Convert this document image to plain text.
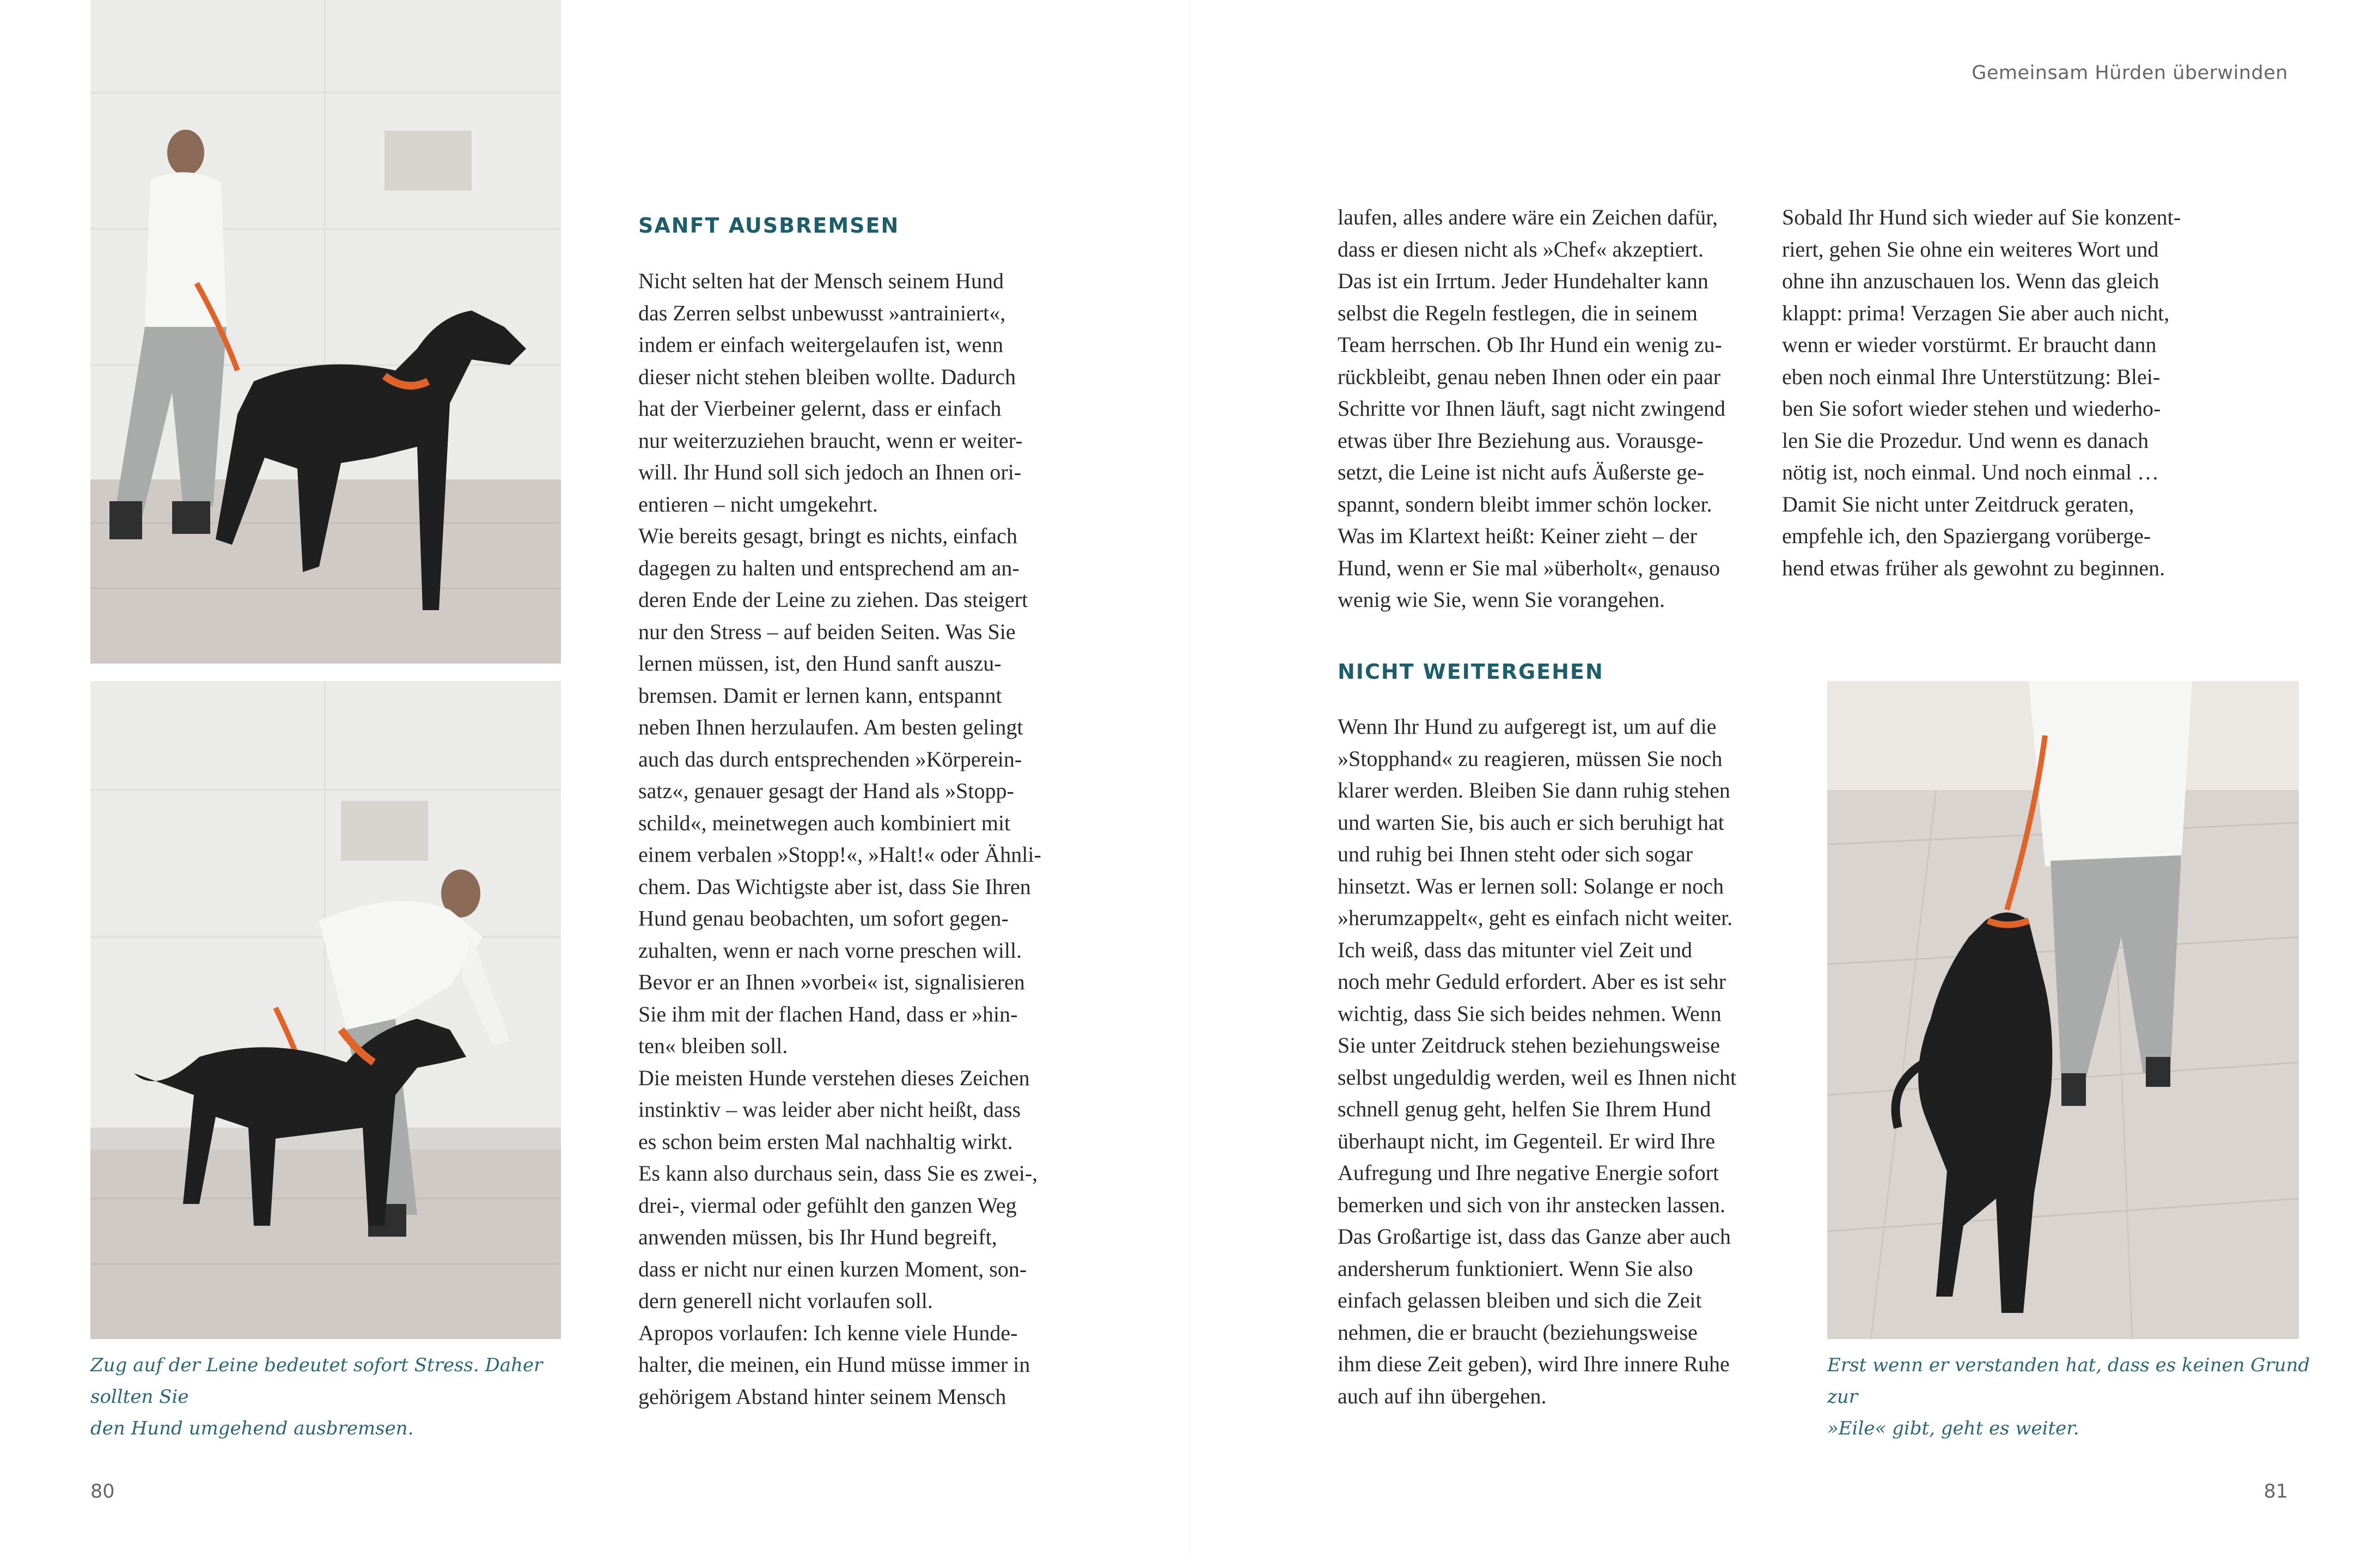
Zug auf der Leine bedeutet sofort Stress. Daher sollten Sie
den Hund umgehend ausbremsen.
SANFT AUSBREMSEN
Nicht selten hat der Mensch seinem Hund
das Zerren selbst unbewusst »antrainiert«,
indem er einfach weitergelaufen ist, wenn
dieser nicht stehen bleiben wollte. Dadurch
hat der Vierbeiner gelernt, dass er einfach
nur weiterzuziehen braucht, wenn er weiter-
will. Ihr Hund soll sich jedoch an Ihnen ori-
entieren – nicht umgekehrt.
Wie bereits gesagt, bringt es nichts, einfach
dagegen zu halten und entsprechend am an-
deren Ende der Leine zu ziehen. Das steigert
nur den Stress – auf beiden Seiten. Was Sie
lernen müssen, ist, den Hund sanft auszu-
bremsen. Damit er lernen kann, entspannt
neben Ihnen herzulaufen. Am besten gelingt
auch das durch entsprechenden »Körperein-
satz«, genauer gesagt der Hand als »Stopp-
schild«, meinetwegen auch kombiniert mit
einem verbalen »Stopp!«, »Halt!« oder Ähnli-
chem. Das Wichtigste aber ist, dass Sie Ihren
Hund genau beobachten, um sofort gegen-
zuhalten, wenn er nach vorne preschen will.
Bevor er an Ihnen »vorbei« ist, signalisieren
Sie ihm mit der flachen Hand, dass er »hin-
ten« bleiben soll.
Die meisten Hunde verstehen dieses Zeichen
instinktiv – was leider aber nicht heißt, dass
es schon beim ersten Mal nachhaltig wirkt.
Es kann also durchaus sein, dass Sie es zwei-,
drei-, viermal oder gefühlt den ganzen Weg
anwenden müssen, bis Ihr Hund begreift,
dass er nicht nur einen kurzen Moment, son-
dern generell nicht vorlaufen soll.
Apropos vorlaufen: Ich kenne viele Hunde-
halter, die meinen, ein Hund müsse immer in
gehörigem Abstand hinter seinem Mensch
80
Gemeinsam Hürden überwinden
laufen, alles andere wäre ein Zeichen dafür,
dass er diesen nicht als »Chef« akzeptiert.
Das ist ein Irrtum. Jeder Hundehalter kann
selbst die Regeln festlegen, die in seinem
Team herrschen. Ob Ihr Hund ein wenig zu-
rückbleibt, genau neben Ihnen oder ein paar
Schritte vor Ihnen läuft, sagt nicht zwingend
etwas über Ihre Beziehung aus. Vorausge-
setzt, die Leine ist nicht aufs Äußerste ge-
spannt, sondern bleibt immer schön locker.
Was im Klartext heißt: Keiner zieht – der
Hund, wenn er Sie mal »überholt«, genauso
wenig wie Sie, wenn Sie vorangehen.
NICHT WEITERGEHEN
Wenn Ihr Hund zu aufgeregt ist, um auf die
»Stopphand« zu reagieren, müssen Sie noch
klarer werden. Bleiben Sie dann ruhig stehen
und warten Sie, bis auch er sich beruhigt hat
und ruhig bei Ihnen steht oder sich sogar
hinsetzt. Was er lernen soll: Solange er noch
»herumzappelt«, geht es einfach nicht weiter.
Ich weiß, dass das mitunter viel Zeit und
noch mehr Geduld erfordert. Aber es ist sehr
wichtig, dass Sie sich beides nehmen. Wenn
Sie unter Zeitdruck stehen beziehungsweise
selbst ungeduldig werden, weil es Ihnen nicht
schnell genug geht, helfen Sie Ihrem Hund
überhaupt nicht, im Gegenteil. Er wird Ihre
Aufregung und Ihre negative Energie sofort
bemerken und sich von ihr anstecken lassen.
Das Großartige ist, dass das Ganze aber auch
andersherum funktioniert. Wenn Sie also
einfach gelassen bleiben und sich die Zeit
nehmen, die er braucht (beziehungsweise
ihm diese Zeit geben), wird Ihre innere Ruhe
auch auf ihn übergehen.
Sobald Ihr Hund sich wieder auf Sie konzent-
riert, gehen Sie ohne ein weiteres Wort und
ohne ihn anzuschauen los. Wenn das gleich
klappt: prima! Verzagen Sie aber auch nicht,
wenn er wieder vorstürmt. Er braucht dann
eben noch einmal Ihre Unterstützung: Blei-
ben Sie sofort wieder stehen und wiederho-
len Sie die Prozedur. Und wenn es danach
nötig ist, noch einmal. Und noch einmal …
Damit Sie nicht unter Zeitdruck geraten,
empfehle ich, den Spaziergang vorübergе-
hend etwas früher als gewohnt zu beginnen.
Erst wenn er verstanden hat, dass es keinen Grund zur
»Eile« gibt, geht es weiter.
81
